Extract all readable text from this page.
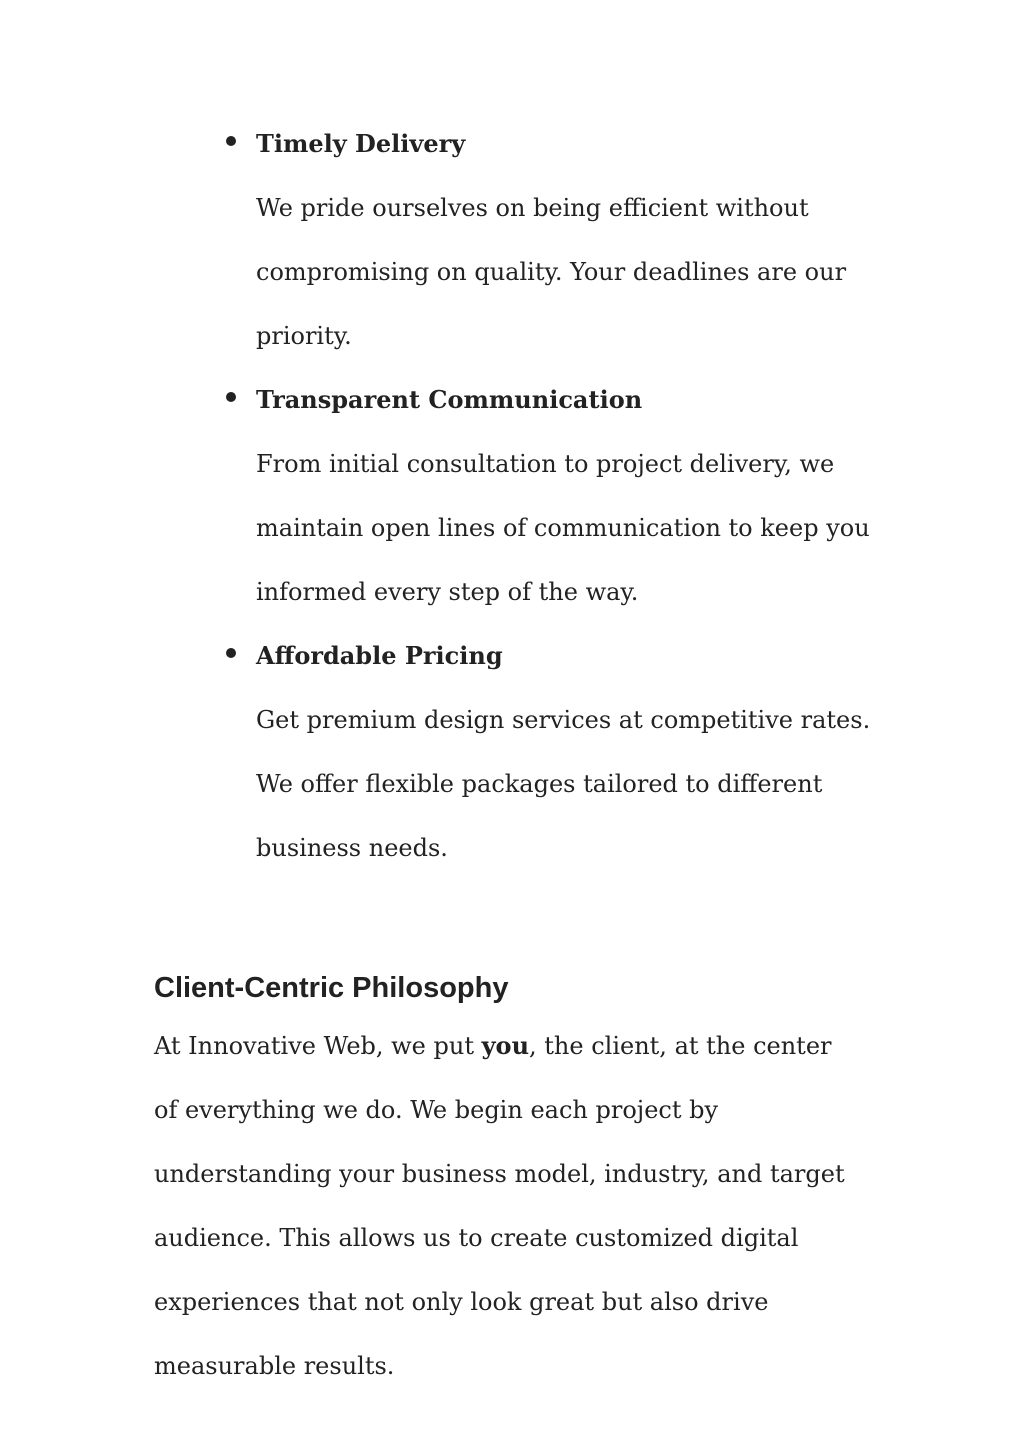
Timely Delivery

We pride ourselves on being efficient without compromising on quality. Your deadlines are our priority.

Transparent Communication

From initial consultation to project delivery, we maintain open lines of communication to keep you informed every step of the way.

Affordable Pricing

Get premium design services at competitive rates. We offer flexible packages tailored to different business needs.

Client-Centric Philosophy

At Innovative Web, we put you, the client, at the center of everything we do. We begin each project by understanding your business model, industry, and target audience. This allows us to create customized digital experiences that not only look great but also drive measurable results.
